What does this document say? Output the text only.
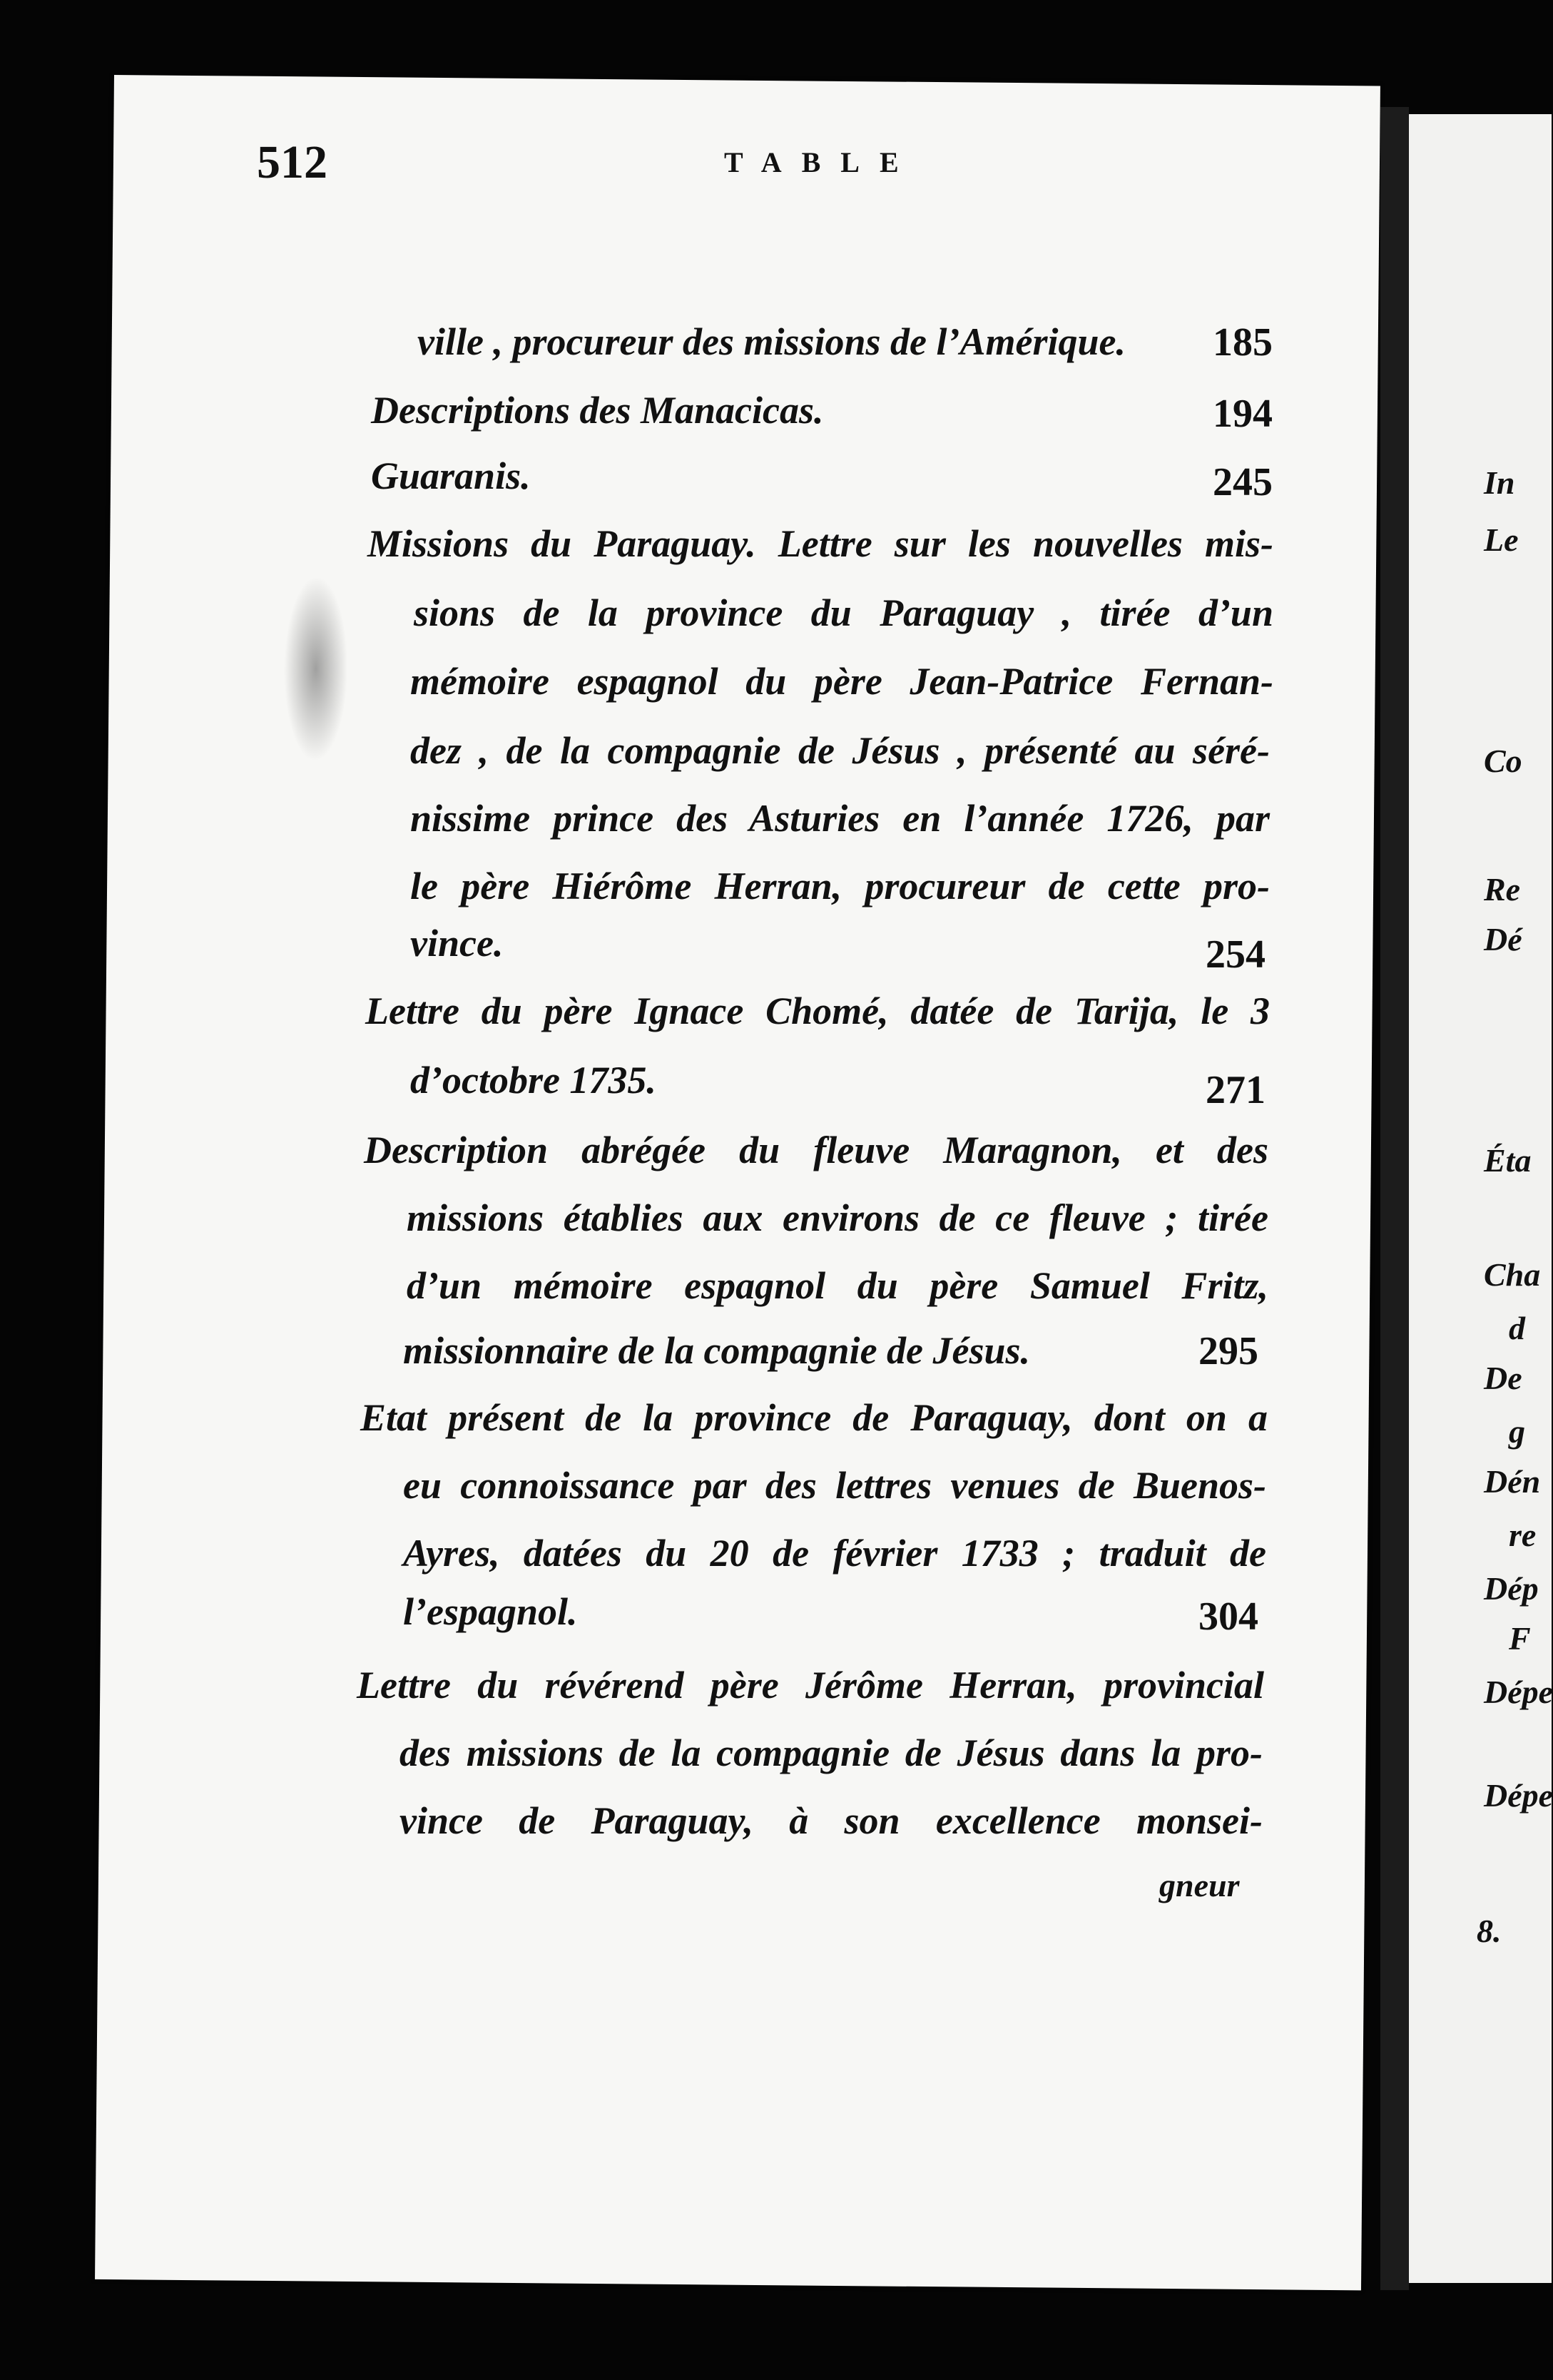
In
Le
Co
Re
Dé
Éta
Cha
d
De
g
Dén
re
Dép
F
Dépe
Dépe
8.
512	TABLE
ville , procureur des missions de l’Amérique. 185
Descriptions des Manacicas.	194
Guaranis.	245
Missions du Paraguay. Lettre sur les nouvelles mis-
sions de la province du Paraguay , tirée d’un
mémoire espagnol du père Jean-Patrice Fernan-
dez , de la compagnie de Jésus , présenté au séré-
nissime prince des Asturies en l’année 1726, par
le père Hiérôme Herran, procureur de cette pro-
vince.	254
Lettre du père Ignace Chomé, datée de Tarija, le 3
d’octobre 1735.	271
Description abrégée du fleuve Maragnon, et des
missions établies aux environs de ce fleuve ; tirée
d’un mémoire espagnol du père Samuel Fritz,
missionnaire de la compagnie de Jésus.	295
Etat présent de la province de Paraguay, dont on a
eu connoissance par des lettres venues de Buenos-
Ayres, datées du 20 de février 1733 ; traduit de
l’espagnol.	304
Lettre du révérend père Jérôme Herran, provincial
des missions de la compagnie de Jésus dans la pro-
vince de Paraguay, à son excellence monsei-
gneur
